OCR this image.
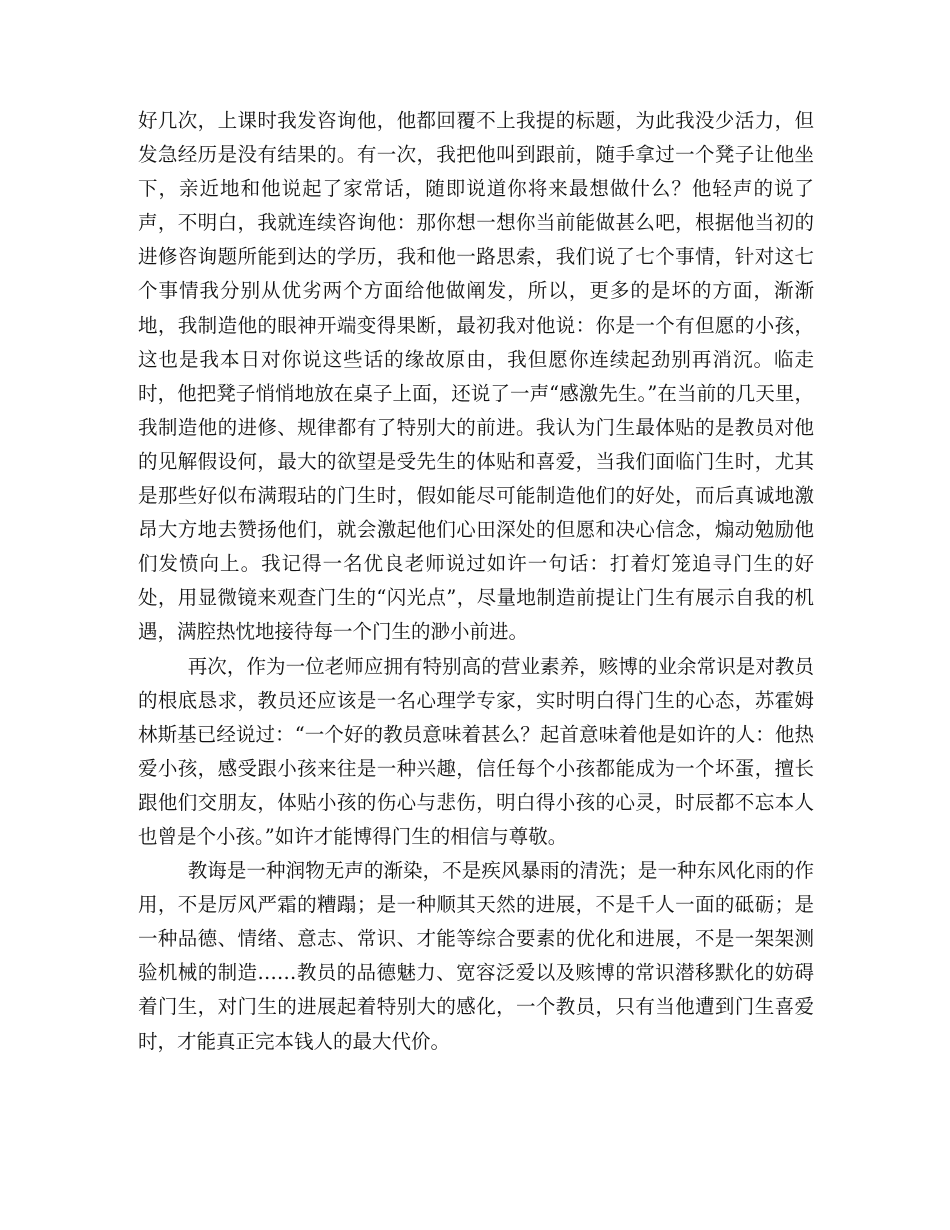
好几次，上课时我发咨询他，他都回覆不上我提的标题，为此我没少活力，但发急经历是没有结果的。有一次，我把他叫到跟前，随手拿过一个凳子让他坐下，亲近地和他说起了家常话，随即说道你将来最想做什么？他轻声的说了声，不明白，我就连续咨询他：那你想一想你当前能做甚么吧，根据他当初的进修咨询题所能到达的学历，我和他一路思索，我们说了七个事情，针对这七个事情我分别从优劣两个方面给他做阐发，所以，更多的是坏的方面，渐渐地，我制造他的眼神开端变得果断，最初我对他说：你是一个有但愿的小孩，这也是我本日对你说这些话的缘故原由，我但愿你连续起劲别再消沉。临走时，他把凳子悄悄地放在桌子上面，还说了一声“感激先生。”在当前的几天里，我制造他的进修、规律都有了特别大的前进。我认为门生最体贴的是教员对他的见解假设何，最大的欲望是受先生的体贴和喜爱，当我们面临门生时，尤其是那些好似布满瑕玷的门生时，假如能尽可能制造他们的好处，而后真诚地激昂大方地去赞扬他们，就会激起他们心田深处的但愿和决心信念，煽动勉励他们发愤向上。我记得一名优良老师说过如许一句话：打着灯笼追寻门生的好处，用显微镜来观查门生的“闪光点”，尽量地制造前提让门生有展示自我的机遇，满腔热忱地接待每一个门生的渺小前进。

再次，作为一位老师应拥有特别高的营业素养，赅博的业余常识是对教员的根底恳求，教员还应该是一名心理学专家，实时明白得门生的心态，苏霍姆林斯基已经说过：“一个好的教员意味着甚么？起首意味着他是如许的人：他热爱小孩，感受跟小孩来往是一种兴趣，信任每个小孩都能成为一个坏蛋，擅长跟他们交朋友，体贴小孩的伤心与悲伤，明白得小孩的心灵，时辰都不忘本人也曾是个小孩。”如许才能博得门生的相信与尊敬。

教诲是一种润物无声的渐染，不是疾风暴雨的清洗；是一种东风化雨的作用，不是厉风严霜的糟蹋；是一种顺其天然的进展，不是千人一面的砥砺；是一种品德、情绪、意志、常识、才能等综合要素的优化和进展，不是一架架测验机械的制造……教员的品德魅力、宽容泛爱以及赅博的常识潜移默化的妨碍着门生，对门生的进展起着特别大的感化，一个教员，只有当他遭到门生喜爱时，才能真正完本钱人的最大代价。
